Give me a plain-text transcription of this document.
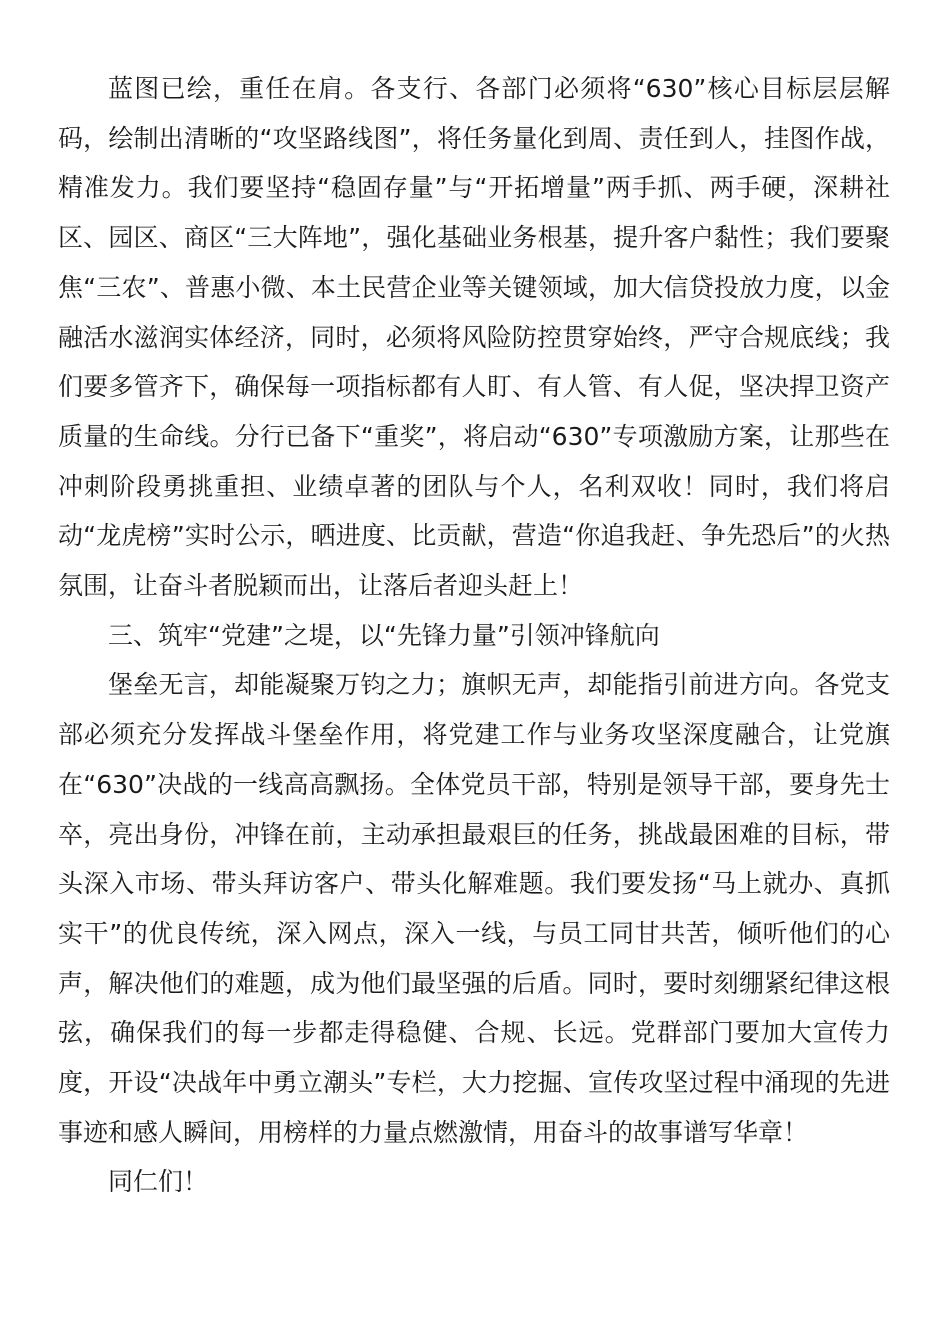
蓝图已绘，重任在肩。各支行、各部门必须将“630”核心目标层层解码，绘制出清晰的“攻坚路线图”，将任务量化到周、责任到人，挂图作战，精准发力。我们要坚持“稳固存量”与“开拓增量”两手抓、两手硬，深耕社区、园区、商区“三大阵地”，强化基础业务根基，提升客户黏性；我们要聚焦“三农”、普惠小微、本土民营企业等关键领域，加大信贷投放力度，以金融活水滋润实体经济，同时，必须将风险防控贯穿始终，严守合规底线；我们要多管齐下，确保每一项指标都有人盯、有人管、有人促，坚决捍卫资产质量的生命线。分行已备下“重奖”，将启动“630”专项激励方案，让那些在冲刺阶段勇挑重担、业绩卓著的团队与个人，名利双收！同时，我们将启动“龙虎榜”实时公示，晒进度、比贡献，营造“你追我赶、争先恐后”的火热氛围，让奋斗者脱颖而出，让落后者迎头赶上！

三、筑牢“党建”之堤，以“先锋力量”引领冲锋航向

堡垒无言，却能凝聚万钧之力；旗帜无声，却能指引前进方向。各党支部必须充分发挥战斗堡垒作用，将党建工作与业务攻坚深度融合，让党旗在“630”决战的一线高高飘扬。全体党员干部，特别是领导干部，要身先士卒，亮出身份，冲锋在前，主动承担最艰巨的任务，挑战最困难的目标，带头深入市场、带头拜访客户、带头化解难题。我们要发扬“马上就办、真抓实干”的优良传统，深入网点，深入一线，与员工同甘共苦，倾听他们的心声，解决他们的难题，成为他们最坚强的后盾。同时，要时刻绷紧纪律这根弦，确保我们的每一步都走得稳健、合规、长远。党群部门要加大宣传力度，开设“决战年中勇立潮头”专栏，大力挖掘、宣传攻坚过程中涌现的先进事迹和感人瞬间，用榜样的力量点燃激情，用奋斗的故事谱写华章！

同仁们！
